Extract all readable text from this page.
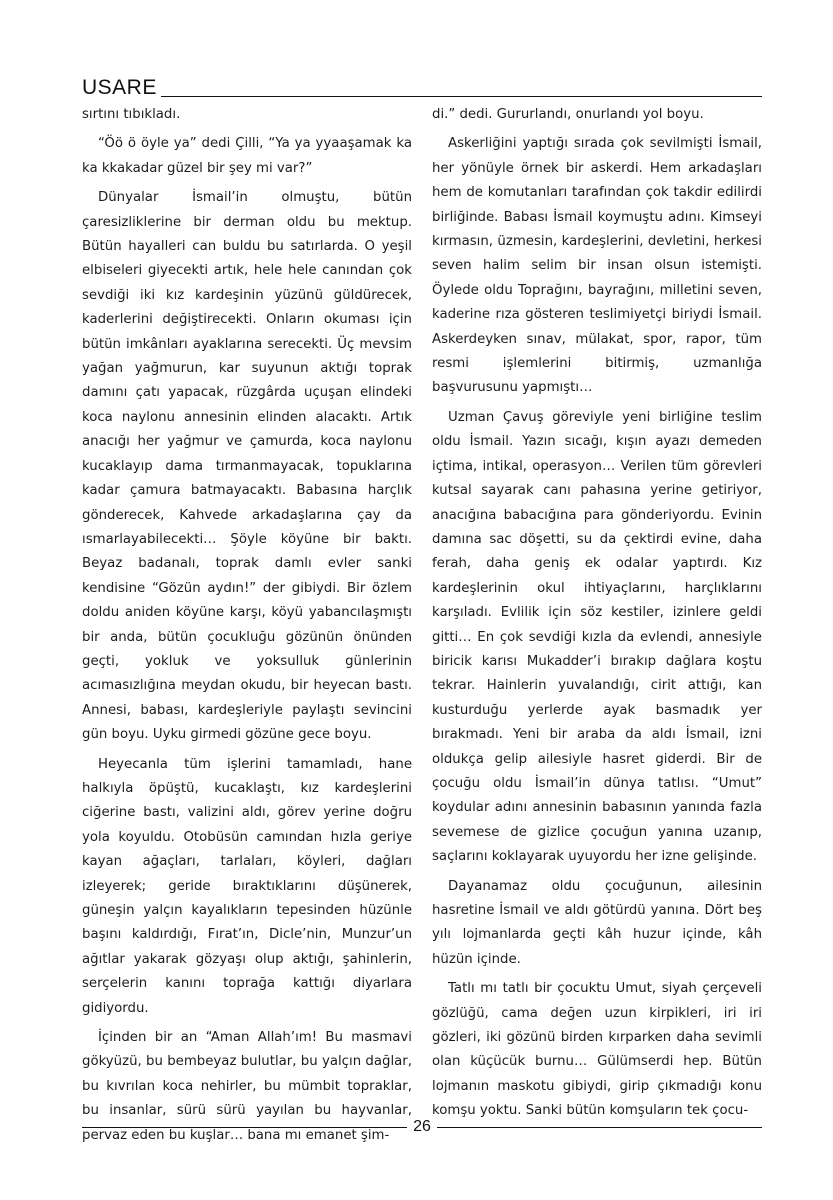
USARE

sırtını tıbıkladı.

“Öö ö öyle ya” dedi Çilli, “Ya ya yyaaşamak ka ka kkakadar güzel bir şey mi var?”

Dünyalar İsmail’in olmuştu, bütün çaresizliklerine bir derman oldu bu mektup. Bütün hayalleri can buldu bu satırlarda. O yeşil elbiseleri giyecekti artık, hele hele canından çok sevdiği iki kız kardeşinin yüzünü güldürecek, kaderlerini değiştirecekti. Onların okuması için bütün imkânları ayaklarına serecekti. Üç mevsim yağan yağmurun, kar suyunun aktığı toprak damını çatı yapacak, rüzgârda uçuşan elindeki koca naylonu annesinin elinden alacaktı. Artık anacığı her yağmur ve çamurda, koca naylonu kucaklayıp dama tırmanmayacak, topuklarına kadar çamura batmayacaktı. Babasına harçlık gönderecek, Kahvede arkadaşlarına çay da ısmarlayabilecekti… Şöyle köyüne bir baktı. Beyaz badanalı, toprak damlı evler sanki kendisine “Gözün aydın!” der gibiydi. Bir özlem doldu aniden köyüne karşı, köyü yabancılaşmıştı bir anda, bütün çocukluğu gözünün önünden geçti, yokluk ve yoksulluk günlerinin acımasızlığına meydan okudu, bir heyecan bastı. Annesi, babası, kardeşleriyle paylaştı sevincini gün boyu. Uyku girmedi gözüne gece boyu.

Heyecanla tüm işlerini tamamladı, hane halkıyla öpüştü, kucaklaştı, kız kardeşlerini ciğerine bastı, valizini aldı, görev yerine doğru yola koyuldu. Otobüsün camından hızla geriye kayan ağaçları, tarlaları, köyleri, dağları izleyerek; geride bıraktıklarını düşünerek, güneşin yalçın kayalıkların tepesinden hüzünle başını kaldırdığı, Fırat’ın, Dicle’nin, Munzur’un ağıtlar yakarak gözyaşı olup aktığı, şahinlerin, serçelerin kanını toprağa kattığı diyarlara gidiyordu.

İçinden bir an “Aman Allah’ım! Bu masmavi gökyüzü, bu bembeyaz bulutlar, bu yalçın dağlar, bu kıvrılan koca nehirler, bu mümbit topraklar, bu insanlar, sürü sürü yayılan bu hayvanlar, pervaz eden bu kuşlar… bana mı emanet şim-

di.” dedi. Gururlandı, onurlandı yol boyu.

Askerliğini yaptığı sırada çok sevilmişti İsmail, her yönüyle örnek bir askerdi. Hem arkadaşları hem de komutanları tarafından çok takdir edilirdi birliğinde. Babası İsmail koymuştu adını. Kimseyi kırmasın, üzmesin, kardeşlerini, devletini, herkesi seven halim selim bir insan olsun istemişti. Öylede oldu Toprağını, bayrağını, milletini seven, kaderine rıza gösteren teslimiyetçi biriydi İsmail. Askerdeyken sınav, mülakat, spor, rapor, tüm resmi işlemlerini bitirmiş, uzmanlığa başvurusunu yapmıştı…

Uzman Çavuş göreviyle yeni birliğine teslim oldu İsmail. Yazın sıcağı, kışın ayazı demeden içtima, intikal, operasyon… Verilen tüm görevleri kutsal sayarak canı pahasına yerine getiriyor, anacığına babacığına para gönderiyordu. Evinin damına sac döşetti, su da çektirdi evine, daha ferah, daha geniş ek odalar yaptırdı. Kız kardeşlerinin okul ihtiyaçlarını, harçlıklarını karşıladı. Evlilik için söz kestiler, izinlere geldi gitti… En çok sevdiği kızla da evlendi, annesiyle biricik karısı Mukadder’i bırakıp dağlara koştu tekrar. Hainlerin yuvalandığı, cirit attığı, kan kusturduğu yerlerde ayak basmadık yer bırakmadı. Yeni bir araba da aldı İsmail, izni oldukça gelip ailesiyle hasret giderdi. Bir de çocuğu oldu İsmail’in dünya tatlısı. “Umut” koydular adını annesinin babasının yanında fazla sevemese de gizlice çocuğun yanına uzanıp, saçlarını koklayarak uyuyordu her izne gelişinde.

Dayanamaz oldu çocuğunun, ailesinin hasretine İsmail ve aldı götürdü yanına. Dört beş yılı lojmanlarda geçti kâh huzur içinde, kâh hüzün içinde.

Tatlı mı tatlı bir çocuktu Umut, siyah çerçeveli gözlüğü, cama değen uzun kirpikleri, iri iri gözleri, iki gözünü birden kırparken daha sevimli olan küçücük burnu… Gülümserdi hep. Bütün lojmanın maskotu gibiydi, girip çıkmadığı konu komşu yoktu. Sanki bütün komşuların tek çocu-

26
